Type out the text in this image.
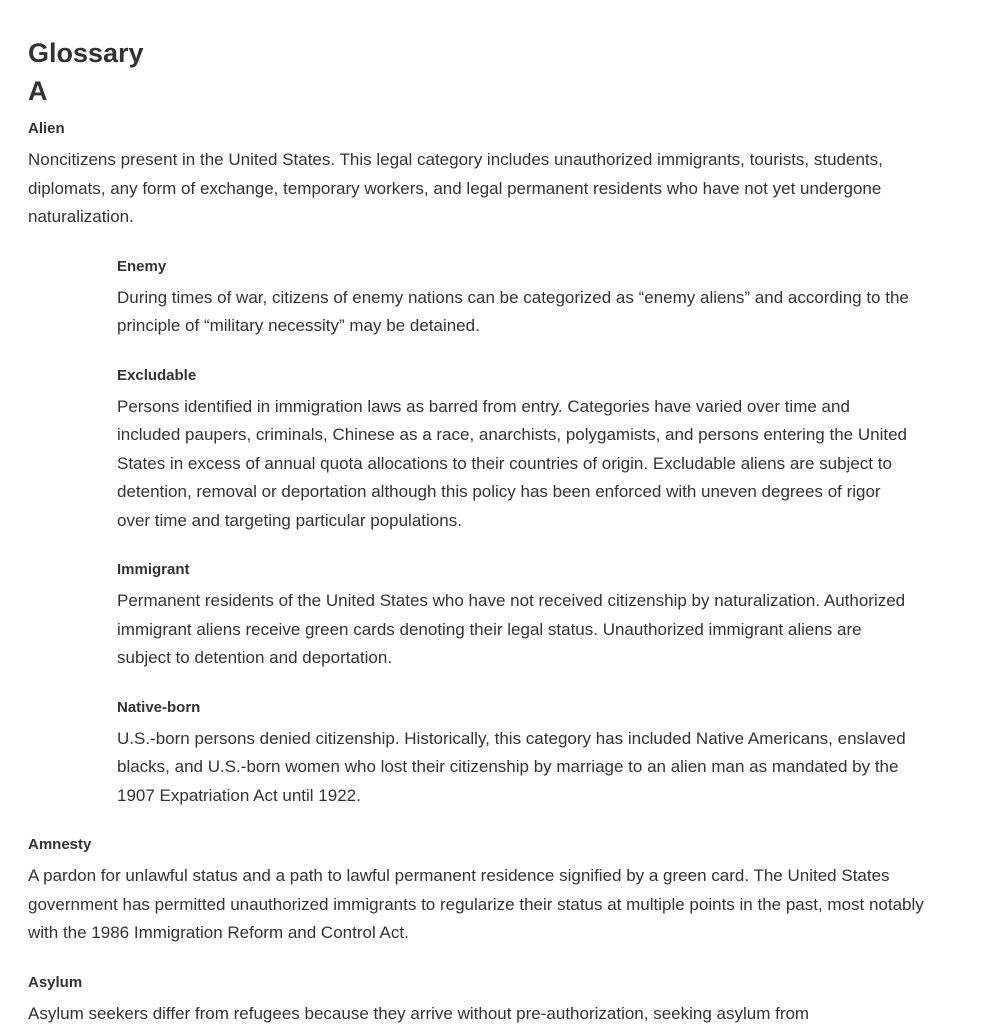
Glossary
A
Alien

Noncitizens present in the United States. This legal category includes unauthorized immigrants, tourists, students, diplomats, any form of exchange, temporary workers, and legal permanent residents who have not yet undergone naturalization.

Enemy

During times of war, citizens of enemy nations can be categorized as “enemy aliens” and according to the principle of “military necessity” may be detained.

Excludable

Persons identified in immigration laws as barred from entry. Categories have varied over time and included paupers, criminals, Chinese as a race, anarchists, polygamists, and persons entering the United States in excess of annual quota allocations to their countries of origin. Excludable aliens are subject to detention, removal or deportation although this policy has been enforced with uneven degrees of rigor over time and targeting particular populations.

Immigrant

Permanent residents of the United States who have not received citizenship by naturalization. Authorized immigrant aliens receive green cards denoting their legal status. Unauthorized immigrant aliens are subject to detention and deportation.

Native-born

U.S.-born persons denied citizenship. Historically, this category has included Native Americans, enslaved blacks, and U.S.-born women who lost their citizenship by marriage to an alien man as mandated by the 1907 Expatriation Act until 1922.

Amnesty

A pardon for unlawful status and a path to lawful permanent residence signified by a green card. The United States government has permitted unauthorized immigrants to regularize their status at multiple points in the past, most notably with the 1986 Immigration Reform and Control Act.

Asylum

Asylum seekers differ from refugees because they arrive without pre-authorization, seeking asylum from
